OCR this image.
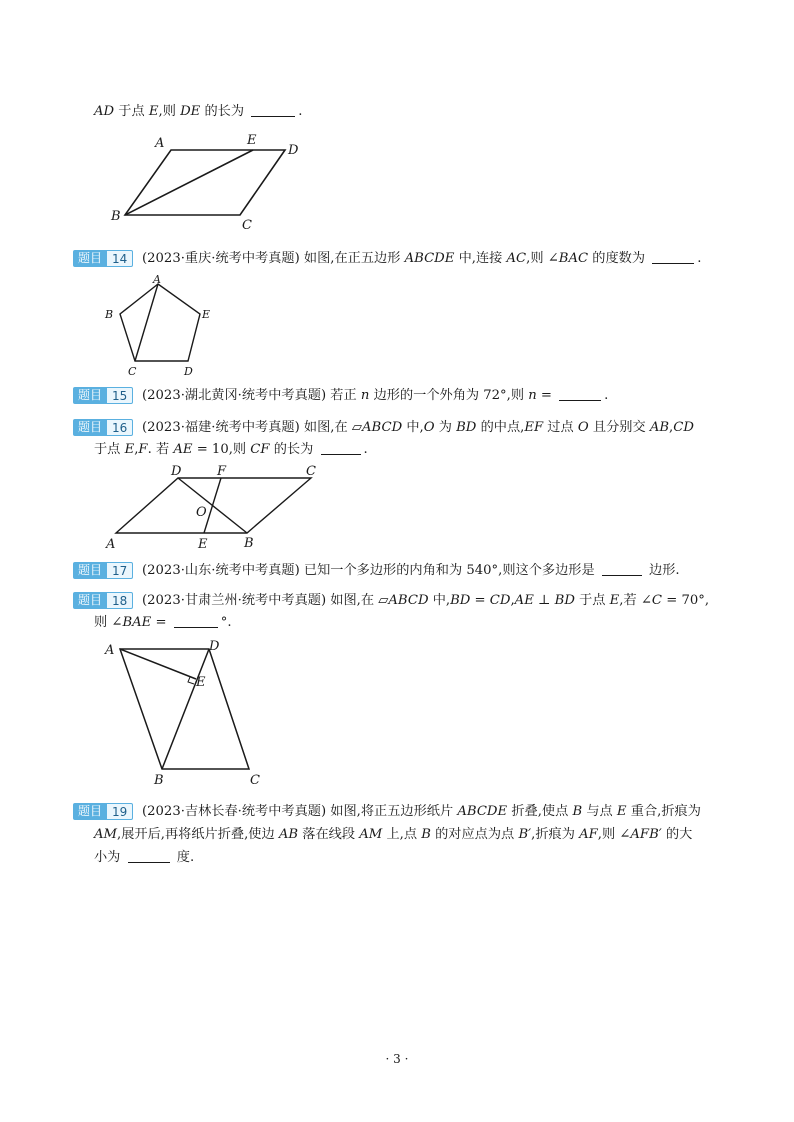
AD 于点 E,则 DE 的长为	.
A	E
D
B
C
题目 14	(2023·重庆·统考中考真题) 如图,在正五边形 ABCDE 中,连接 AC,则 ∠BAC 的度数为	.
A
B
C	D
E
题目 15	(2023·湖北黄冈·统考中考真题) 若正 n 边形的一个外角为 72°,则 n =	.
题目 16	(2023·福建·统考中考真题) 如图,在 ▱ABCD 中,O 为 BD 的中点,EF 过点 O 且分别交 AB,CD
于点 E,F. 若 AE = 10,则 CF 的长为	.
D	F	C
O
A	E	B
题目 17	(2023·山东·统考中考真题) 已知一个多边形的内角和为 540°,则这个多边形是	边形.
题目 18	(2023·甘肃兰州·统考中考真题) 如图,在 ▱ABCD 中,BD = CD,AE ⊥ BD 于点 E,若 ∠C = 70°,
则 ∠BAE =	°.
A	D
E
B	C
题目 19	(2023·吉林长春·统考中考真题) 如图,将正五边形纸片 ABCDE 折叠,使点 B 与点 E 重合,折痕为
AM,展开后,再将纸片折叠,使边 AB 落在线段 AM 上,点 B 的对应点为点 B′,折痕为 AF,则 ∠AFB′ 的大
小为	度.
· 3 ·
